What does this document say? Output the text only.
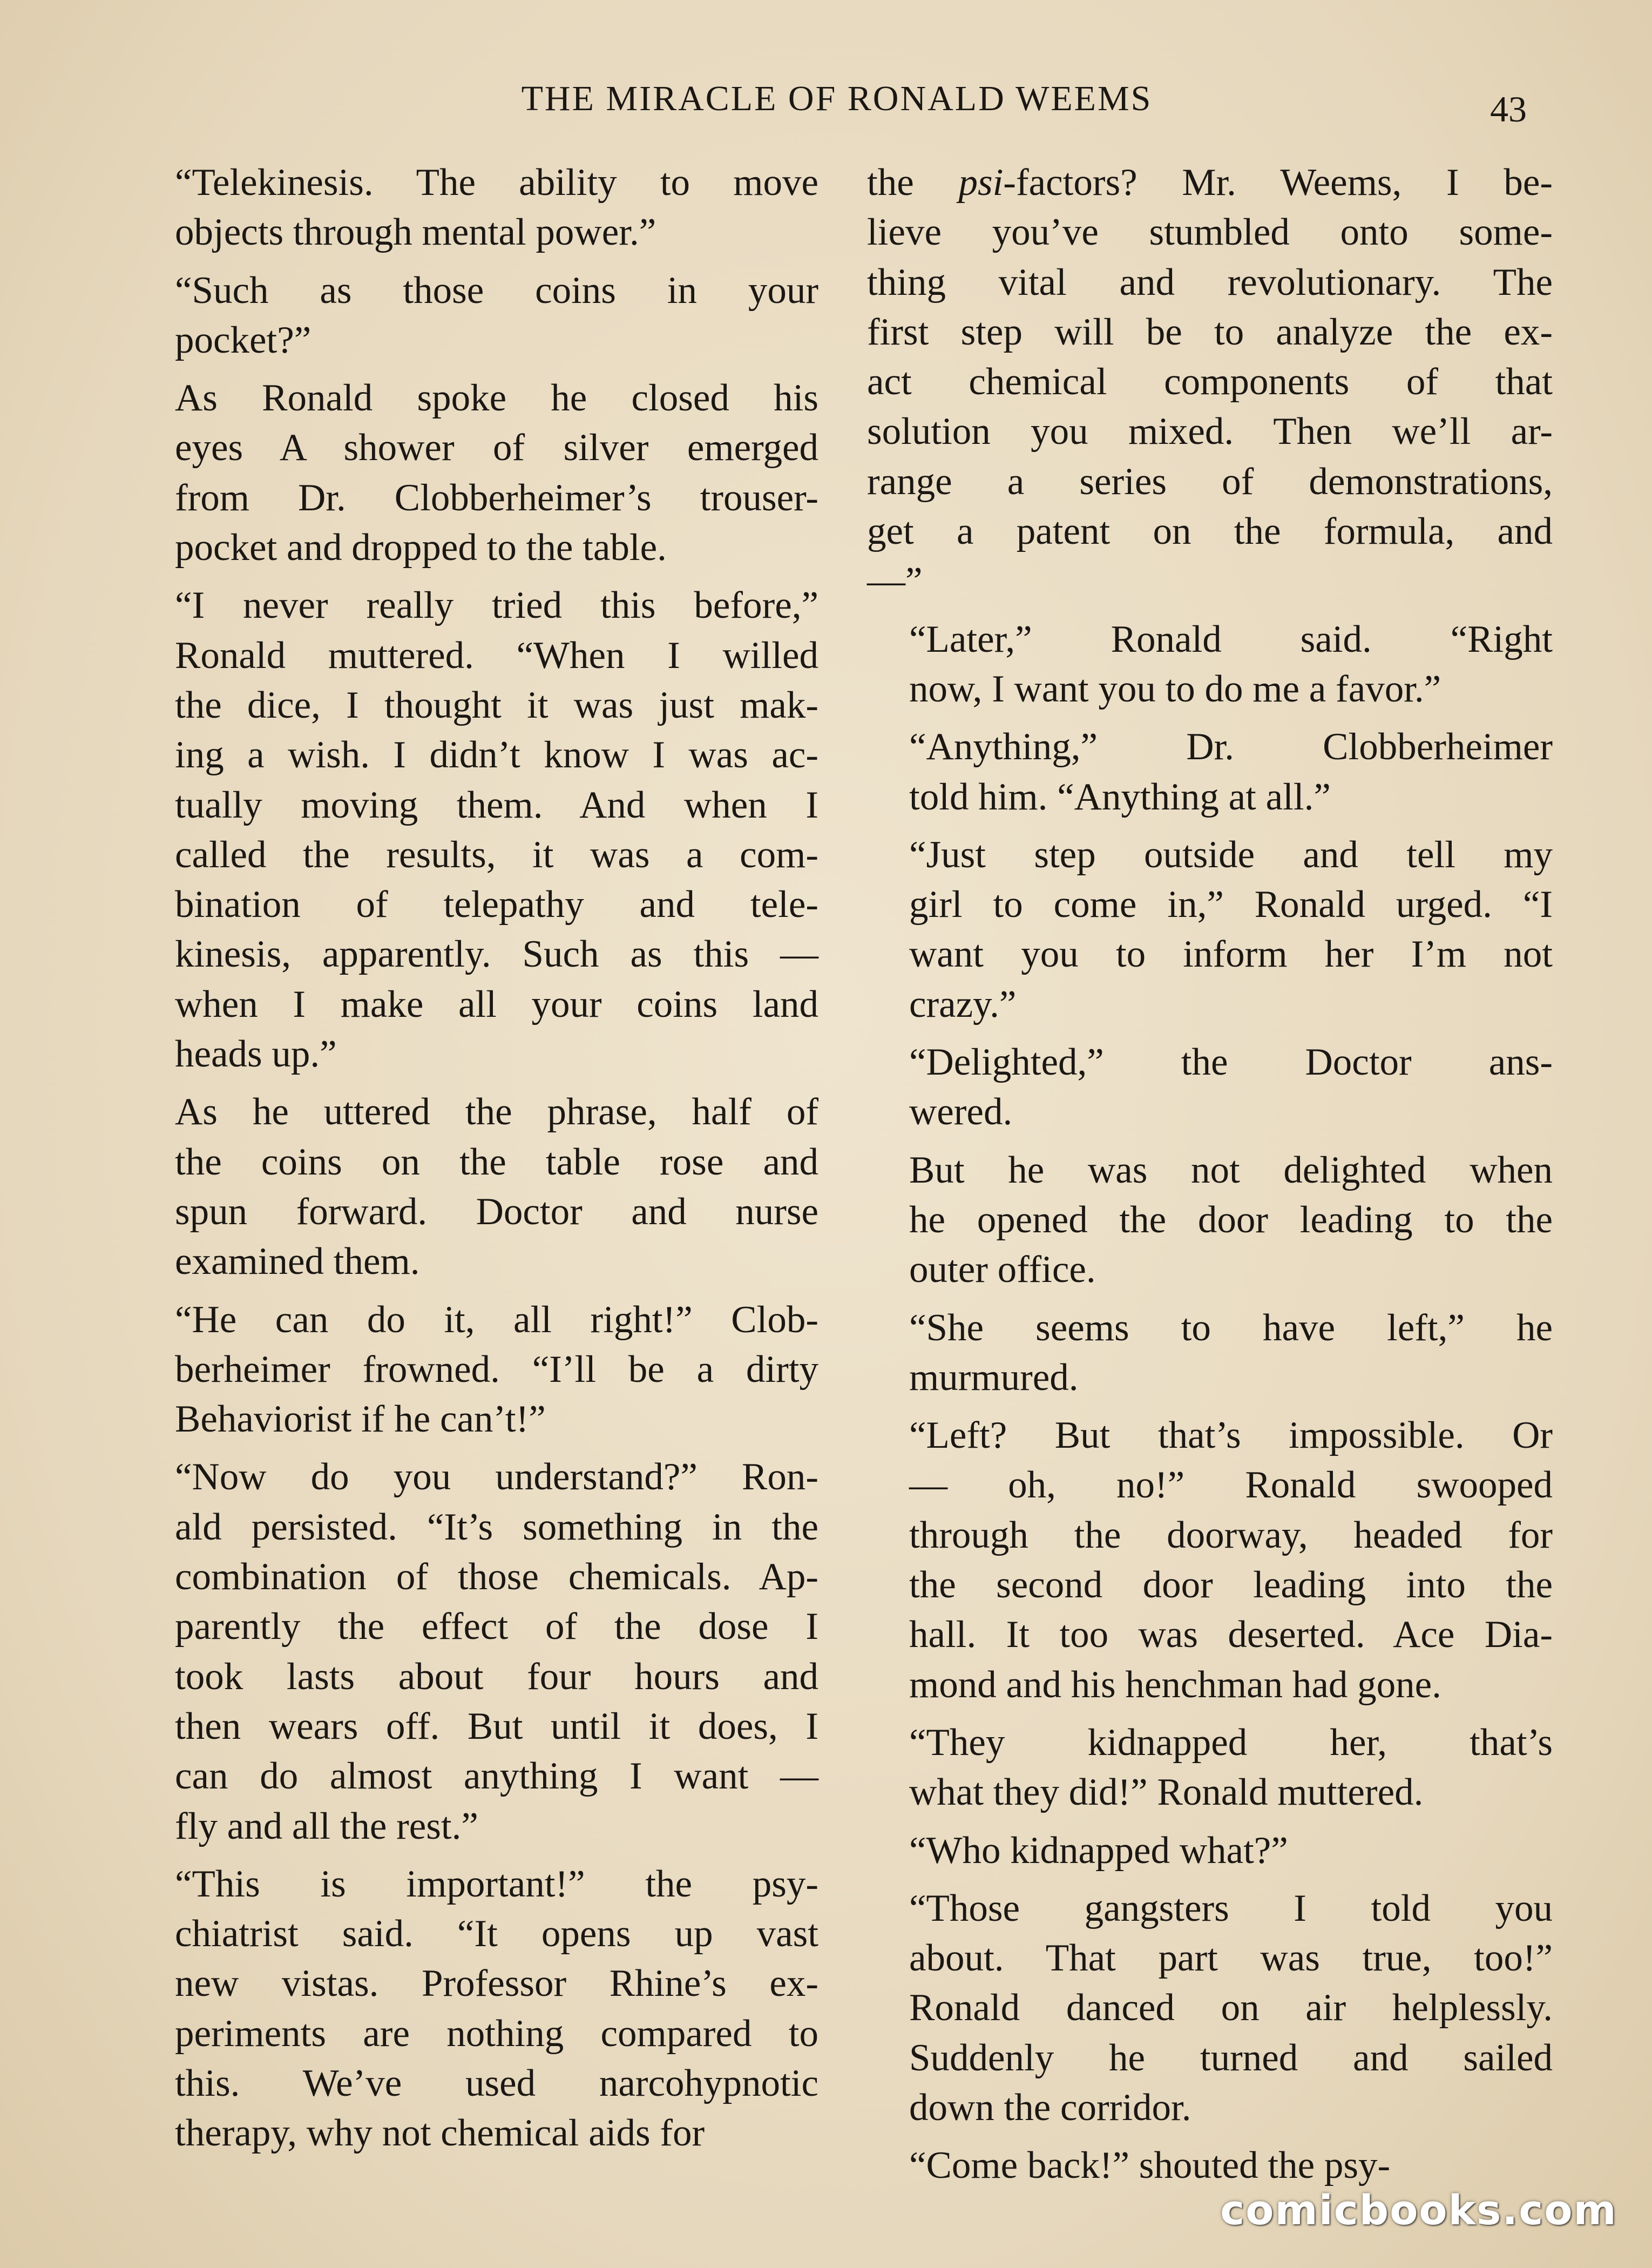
THE MIRACLE OF RONALD WEEMS	43

“Telekinesis. The ability to move
objects through mental power.”

“Such as those coins in your
pocket?”

As Ronald spoke he closed his
eyes A shower of silver emerged
from Dr. Clobberheimer’s trouser-
pocket and dropped to the table.

“I never really tried this before,”
Ronald muttered. “When I willed
the dice, I thought it was just mak-
ing a wish. I didn’t know I was ac-
tually moving them. And when I
called the results, it was a com-
bination of telepathy and tele-
kinesis, apparently. Such as this —
when I make all your coins land
heads up.”

As he uttered the phrase, half of
the coins on the table rose and
spun forward. Doctor and nurse
examined them.

“He can do it, all right!” Clob-
berheimer frowned. “I’ll be a dirty
Behaviorist if he can’t!”

“Now do you understand?” Ron-
ald persisted. “It’s something in the
combination of those chemicals. Ap-
parently the effect of the dose I
took lasts about four hours and
then wears off. But until it does, I
can do almost anything I want —
fly and all the rest.”

“This is important!” the psy-
chiatrist said. “It opens up vast
new vistas. Professor Rhine’s ex-
periments are nothing compared to
this. We’ve used narcohypnotic
therapy, why not chemical aids for

the psi-factors? Mr. Weems, I be-
lieve you’ve stumbled onto some-
thing vital and revolutionary. The
first step will be to analyze the ex-
act chemical components of that
solution you mixed. Then we’ll ar-
range a series of demonstrations,
get a patent on the formula, and
—”

“Later,” Ronald said. “Right
now, I want you to do me a favor.”

“Anything,” Dr. Clobberheimer
told him. “Anything at all.”

“Just step outside and tell my
girl to come in,” Ronald urged. “I
want you to inform her I’m not
crazy.”

“Delighted,” the Doctor ans-
wered.

But he was not delighted when
he opened the door leading to the
outer office.

“She seems to have left,” he
murmured.

“Left? But that’s impossible. Or
— oh, no!” Ronald swooped
through the doorway, headed for
the second door leading into the
hall. It too was deserted. Ace Dia-
mond and his henchman had gone.

“They kidnapped her, that’s
what they did!” Ronald muttered.

“Who kidnapped what?”

“Those gangsters I told you
about. That part was true, too!”
Ronald danced on air helplessly.
Suddenly he turned and sailed
down the corridor.

“Come back!” shouted the psy-

comicbooks.com
